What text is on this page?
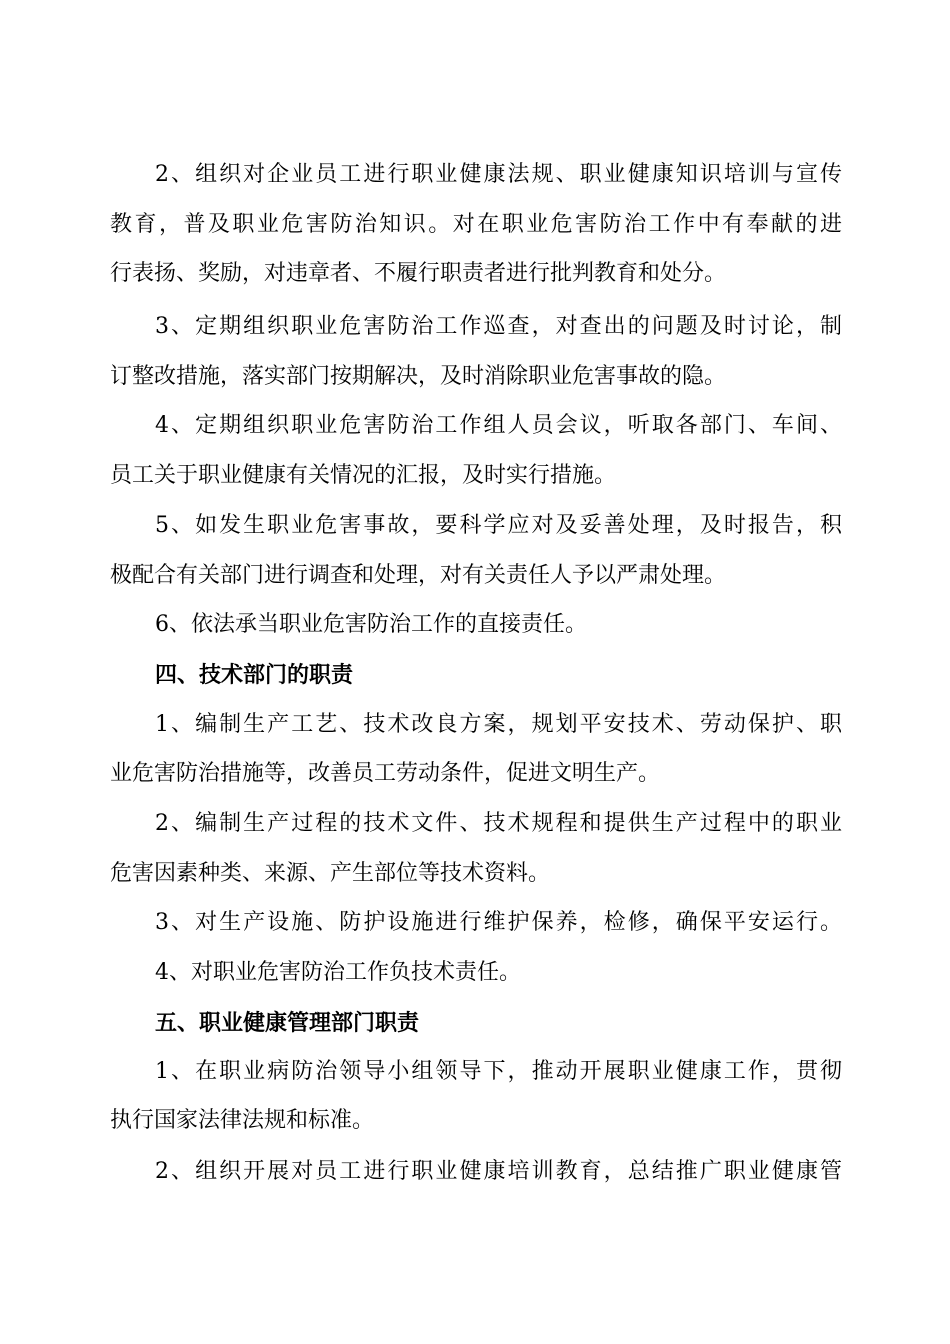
2、组织对企业员工进行职业健康法规、职业健康知识培训与宣传
教育，普及职业危害防治知识。对在职业危害防治工作中有奉献的进
行表扬、奖励，对违章者、不履行职责者进行批判教育和处分。
3、定期组织职业危害防治工作巡查，对查出的问题及时讨论，制
订整改措施，落实部门按期解决，及时消除职业危害事故的隐。
4、定期组织职业危害防治工作组人员会议，听取各部门、车间、
员工关于职业健康有关情况的汇报，及时实行措施。
5、如发生职业危害事故，要科学应对及妥善处理，及时报告，积
极配合有关部门进行调查和处理，对有关责任人予以严肃处理。
6、依法承当职业危害防治工作的直接责任。
四、技术部门的职责
1、编制生产工艺、技术改良方案，规划平安技术、劳动保护、职
业危害防治措施等，改善员工劳动条件，促进文明生产。
2、编制生产过程的技术文件、技术规程和提供生产过程中的职业
危害因素种类、来源、产生部位等技术资料。
3、对生产设施、防护设施进行维护保养，检修，确保平安运行。
4、对职业危害防治工作负技术责任。
五、职业健康管理部门职责
1、在职业病防治领导小组领导下，推动开展职业健康工作，贯彻
执行国家法律法规和标准。
2、组织开展对员工进行职业健康培训教育，总结推广职业健康管
